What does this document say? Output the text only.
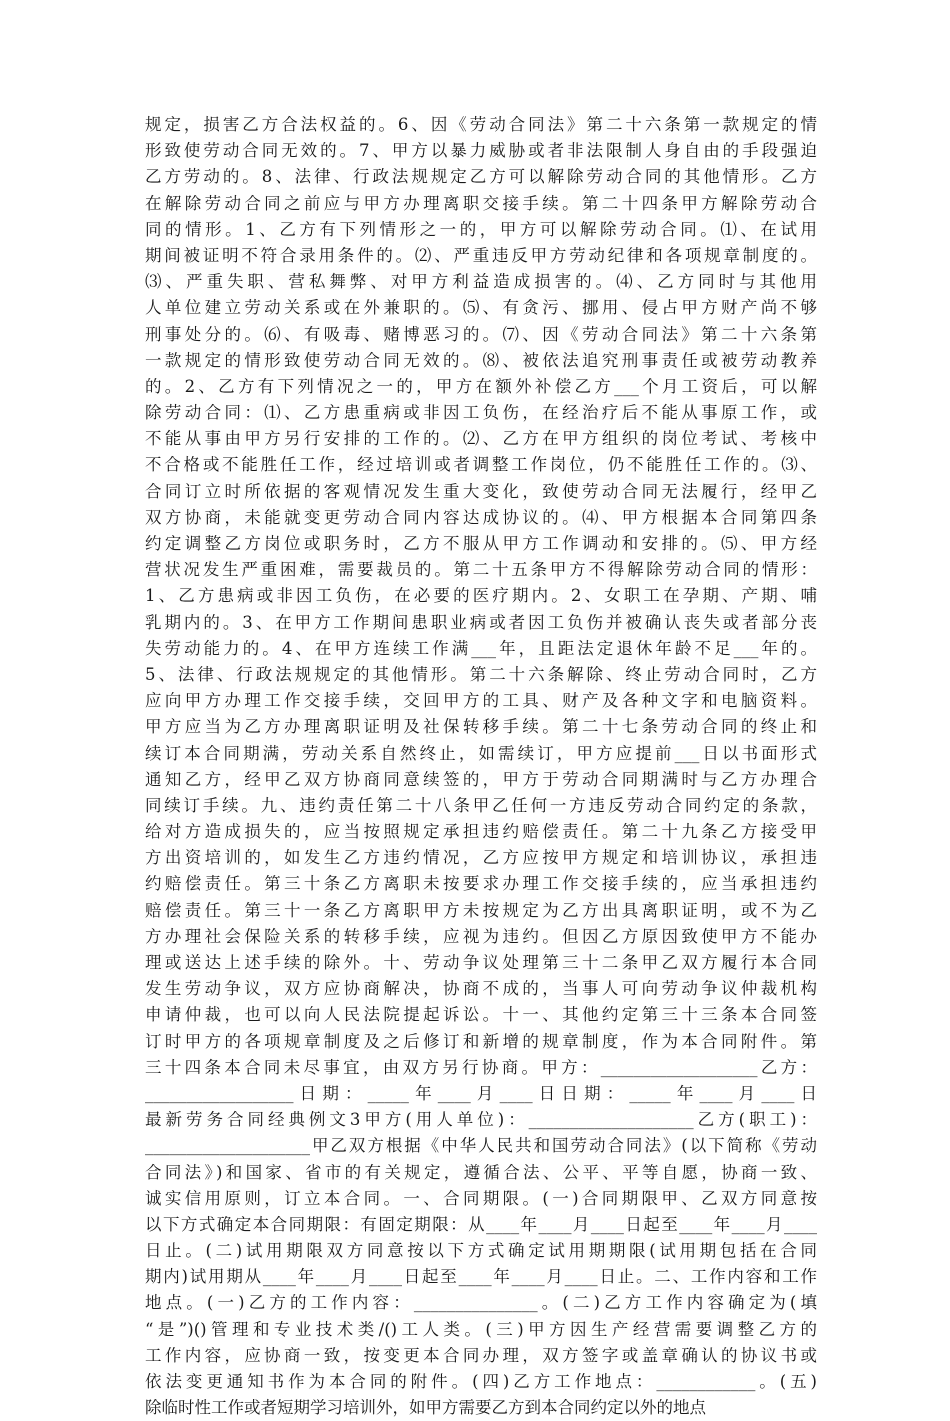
规定，损害乙方合法权益的。6、因《劳动合同法》第二十六条第一款规定的情
形致使劳动合同无效的。7、甲方以暴力威胁或者非法限制人身自由的手段强迫
乙方劳动的。8、法律、行政法规规定乙方可以解除劳动合同的其他情形。乙方
在解除劳动合同之前应与甲方办理离职交接手续。第二十四条甲方解除劳动合
同的情形。1、乙方有下列情形之一的，甲方可以解除劳动合同。⑴、在试用
期间被证明不符合录用条件的。⑵、严重违反甲方劳动纪律和各项规章制度的。
⑶、严重失职、营私舞弊、对甲方利益造成损害的。⑷、乙方同时与其他用
人单位建立劳动关系或在外兼职的。⑸、有贪污、挪用、侵占甲方财产尚不够
刑事处分的。⑹、有吸毒、赌博恶习的。⑺、因《劳动合同法》第二十六条第
一款规定的情形致使劳动合同无效的。⑻、被依法追究刑事责任或被劳动教养
的。2、乙方有下列情况之一的，甲方在额外补偿乙方___个月工资后，可以解
除劳动合同：⑴、乙方患重病或非因工负伤，在经治疗后不能从事原工作，或
不能从事由甲方另行安排的工作的。⑵、乙方在甲方组织的岗位考试、考核中
不合格或不能胜任工作，经过培训或者调整工作岗位，仍不能胜任工作的。⑶、
合同订立时所依据的客观情况发生重大变化，致使劳动合同无法履行，经甲乙
双方协商，未能就变更劳动合同内容达成协议的。⑷、甲方根据本合同第四条
约定调整乙方岗位或职务时，乙方不服从甲方工作调动和安排的。⑸、甲方经
营状况发生严重困难，需要裁员的。第二十五条甲方不得解除劳动合同的情形：
1、乙方患病或非因工负伤，在必要的医疗期内。2、女职工在孕期、产期、哺
乳期内的。3、在甲方工作期间患职业病或者因工负伤并被确认丧失或者部分丧
失劳动能力的。4、在甲方连续工作满___年，且距法定退休年龄不足___年的。
5、法律、行政法规规定的其他情形。第二十六条解除、终止劳动合同时，乙方
应向甲方办理工作交接手续，交回甲方的工具、财产及各种文字和电脑资料。
甲方应当为乙方办理离职证明及社保转移手续。第二十七条劳动合同的终止和
续订本合同期满，劳动关系自然终止，如需续订，甲方应提前___日以书面形式
通知乙方，经甲乙双方协商同意续签的，甲方于劳动合同期满时与乙方办理合
同续订手续。九、违约责任第二十八条甲乙任何一方违反劳动合同约定的条款，
给对方造成损失的，应当按照规定承担违约赔偿责任。第二十九条乙方接受甲
方出资培训的，如发生乙方违约情况，乙方应按甲方规定和培训协议，承担违
约赔偿责任。第三十条乙方离职未按要求办理工作交接手续的，应当承担违约
赔偿责任。第三十一条乙方离职甲方未按规定为乙方出具离职证明，或不为乙
方办理社会保险关系的转移手续，应视为违约。但因乙方原因致使甲方不能办
理或送达上述手续的除外。十、劳动争议处理第三十二条甲乙双方履行本合同
发生劳动争议，双方应协商解决，协商不成的，当事人可向劳动争议仲裁机构
申请仲裁，也可以向人民法院提起诉讼。十一、其他约定第三十三条本合同签
订时甲方的各项规章制度及之后修订和新增的规章制度，作为本合同附件。第
三十四条本合同未尽事宜，由双方另行协商。甲方：___________________乙方：
__________________日期：_____年____月____日日期：_____年____月____日
最新劳务合同经典例文3甲方(用人单位)：____________________乙方(职工)：
____________________甲乙双方根据《中华人民共和国劳动合同法》(以下简称《劳动
合同法》)和国家、省市的有关规定，遵循合法、公平、平等自愿，协商一致、
诚实信用原则，订立本合同。一、合同期限。(一)合同期限甲、乙双方同意按
以下方式确定本合同期限：有固定期限：从____年____月____日起至____年____月____
日止。(二)试用期限双方同意按以下方式确定试用期期限(试用期包括在合同
期内)试用期从____年____月____日起至____年____月____日止。二、工作内容和工作
地点。(一)乙方的工作内容：_______________。(二)乙方工作内容确定为(填
“是”)()管理和专业技术类/()工人类。(三)甲方因生产经营需要调整乙方的
工作内容，应协商一致，按变更本合同办理，双方签字或盖章确认的协议书或
依法变更通知书作为本合同的附件。(四)乙方工作地点：____________。(五)
除临时性工作或者短期学习培训外，如甲方需要乙方到本合同约定以外的地点
